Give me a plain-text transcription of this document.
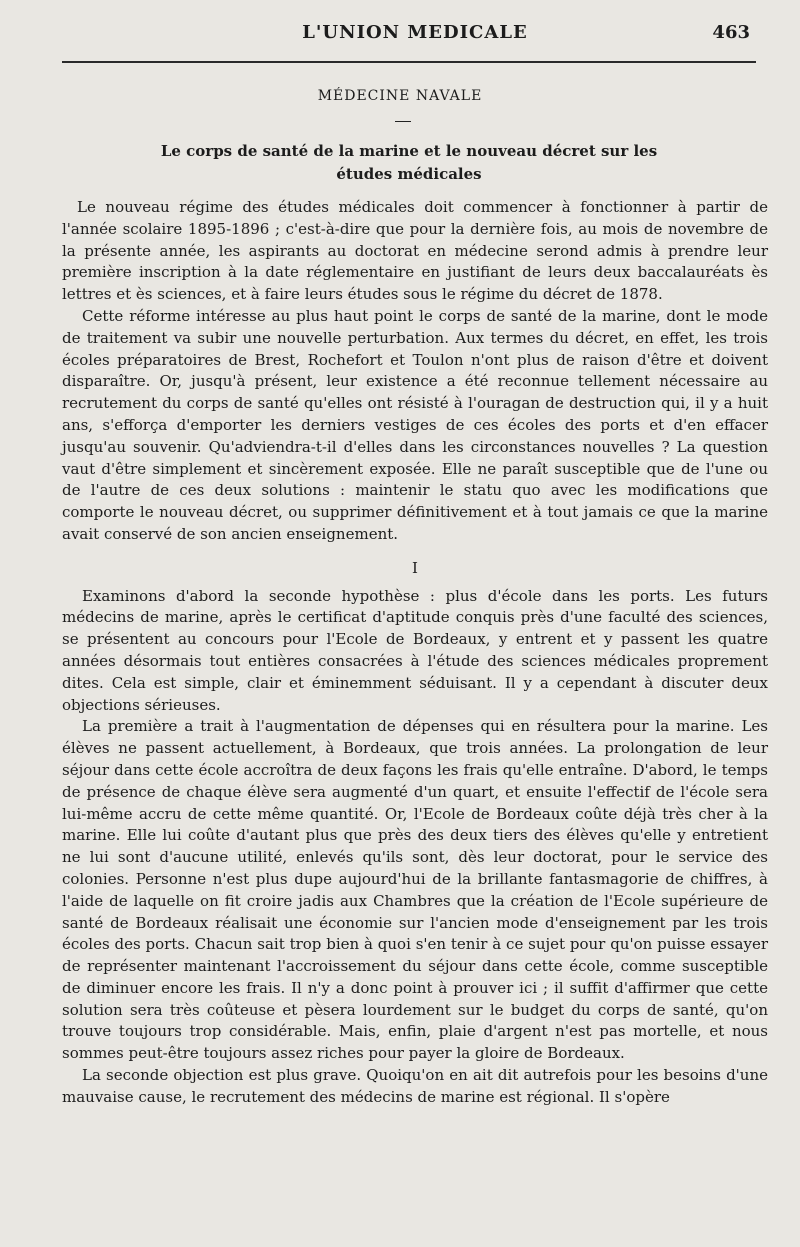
L'UNION MEDICALE	463
MÉDECINE NAVALE
Le corps de santé de la marine et le nouveau décret sur les
études médicales

Le nouveau régime des études médicales doit commencer à fonctionner à partir de l'année scolaire 1895-1896 ; c'est-à-dire que pour la dernière fois, au mois de novembre de la présente année, les aspirants au doctorat en médecine serond admis à prendre leur première inscription à la date réglementaire en justifiant de leurs deux baccalauréats ès lettres et ès sciences, et à faire leurs études sous le régime du décret de 1878.

Cette réforme intéresse au plus haut point le corps de santé de la marine, dont le mode de traitement va subir une nouvelle perturbation. Aux termes du décret, en effet, les trois écoles préparatoires de Brest, Rochefort et Toulon n'ont plus de raison d'être et doivent disparaître. Or, jusqu'à présent, leur existence a été reconnue tellement nécessaire au recrutement du corps de santé qu'elles ont résisté à l'ouragan de destruction qui, il y a huit ans, s'efforça d'emporter les derniers vestiges de ces écoles des ports et d'en effacer jusqu'au souvenir. Qu'adviendra-t-il d'elles dans les circonstances nouvelles ? La question vaut d'être simplement et sincèrement exposée. Elle ne paraît susceptible que de l'une ou de l'autre de ces deux solutions : maintenir le statu quo avec les modifications que comporte le nouveau décret, ou supprimer définitivement et à tout jamais ce que la marine avait conservé de son ancien enseignement.

I

Examinons d'abord la seconde hypothèse : plus d'école dans les ports. Les futurs médecins de marine, après le certificat d'aptitude conquis près d'une faculté des sciences, se présentent au concours pour l'Ecole de Bordeaux, y entrent et y passent les quatre années désormais tout entières consacrées à l'étude des sciences médicales proprement dites. Cela est simple, clair et éminemment séduisant. Il y a cependant à discuter deux objections sérieuses.

La première a trait à l'augmentation de dépenses qui en résultera pour la marine. Les élèves ne passent actuellement, à Bordeaux, que trois années. La prolongation de leur séjour dans cette école accroîtra de deux façons les frais qu'elle entraîne. D'abord, le temps de présence de chaque élève sera augmenté d'un quart, et ensuite l'effectif de l'école sera lui-même accru de cette même quantité. Or, l'Ecole de Bordeaux coûte déjà très cher à la marine. Elle lui coûte d'autant plus que près des deux tiers des élèves qu'elle y entretient ne lui sont d'aucune utilité, enlevés qu'ils sont, dès leur doctorat, pour le service des colonies. Personne n'est plus dupe aujourd'hui de la brillante fantasmagorie de chiffres, à l'aide de laquelle on fit croire jadis aux Chambres que la création de l'Ecole supérieure de santé de Bordeaux réalisait une économie sur l'ancien mode d'enseignement par les trois écoles des ports. Chacun sait trop bien à quoi s'en tenir à ce sujet pour qu'on puisse essayer de représenter maintenant l'accroissement du séjour dans cette école, comme susceptible de diminuer encore les frais. Il n'y a donc point à prouver ici ; il suffit d'affirmer que cette solution sera très coûteuse et pèsera lourdement sur le budget du corps de santé, qu'on trouve toujours trop considérable. Mais, enfin, plaie d'argent n'est pas mortelle, et nous sommes peut-être toujours assez riches pour payer la gloire de Bordeaux.

La seconde objection est plus grave. Quoiqu'on en ait dit autrefois pour les besoins d'une mauvaise cause, le recrutement des médecins de marine est régional. Il s'opère
